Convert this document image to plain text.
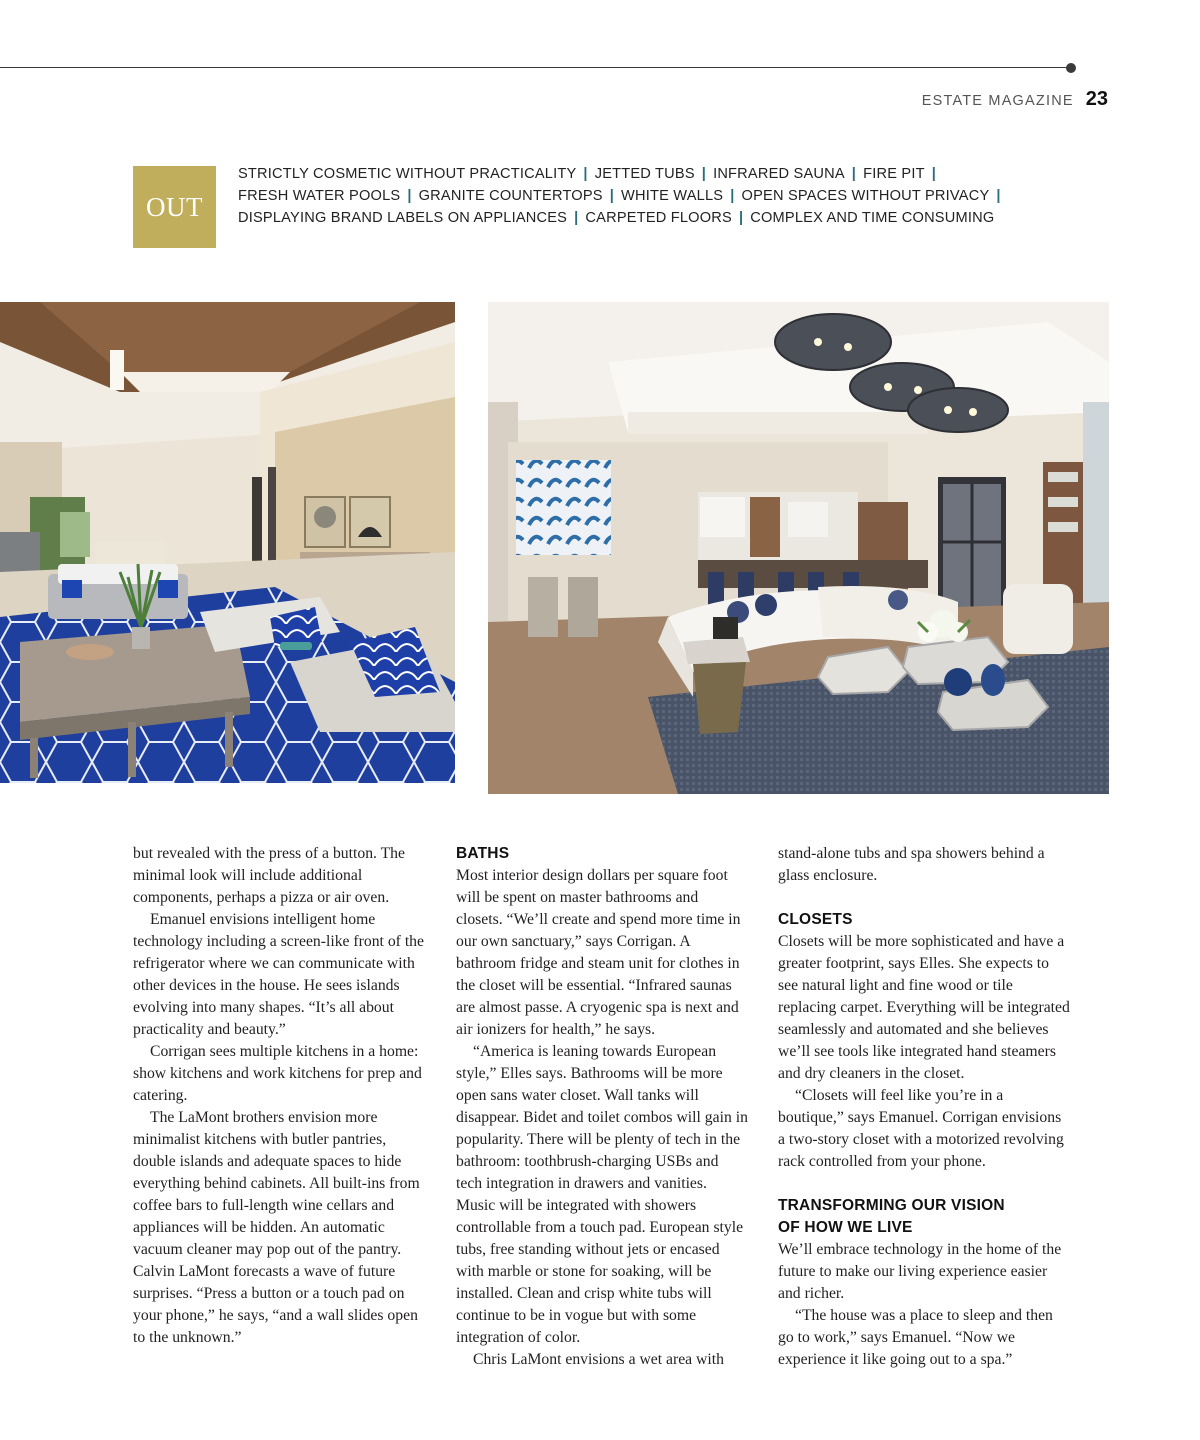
ESTATE MAGAZINE 23
OUT
STRICTLY COSMETIC WITHOUT PRACTICALITY | JETTED TUBS | INFRARED SAUNA | FIRE PIT |
FRESH WATER POOLS | GRANITE COUNTERTOPS | WHITE WALLS | OPEN SPACES WITHOUT PRIVACY |
DISPLAYING BRAND LABELS ON APPLIANCES | CARPETED FLOORS | COMPLEX AND TIME CONSUMING

but revealed with the press of a button. The minimal look will include additional components, perhaps a pizza or air oven.

Emanuel envisions intelligent home technology including a screen-like front of the refrigerator where we can communicate with other devices in the house. He sees islands evolving into many shapes. “It’s all about practicality and beauty.”

Corrigan sees multiple kitchens in a home: show kitchens and work kitchens for prep and catering.

The LaMont brothers envision more minimalist kitchens with butler pantries, double islands and adequate spaces to hide everything behind cabinets. All built-ins from coffee bars to full-length wine cellars and appliances will be hidden. An automatic vacuum cleaner may pop out of the pantry. Calvin LaMont forecasts a wave of future surprises. “Press a button or a touch pad on your phone,” he says, “and a wall slides open to the unknown.”

BATHS

Most interior design dollars per square foot will be spent on master bathrooms and closets. “We’ll create and spend more time in our own sanctuary,” says Corrigan. A bathroom fridge and steam unit for clothes in the closet will be essential. “Infrared saunas are almost passe. A cryogenic spa is next and air ionizers for health,” he says.

“America is leaning towards European style,” Elles says. Bathrooms will be more open sans water closet. Wall tanks will disappear. Bidet and toilet combos will gain in popularity. There will be plenty of tech in the bathroom: toothbrush-charging USBs and tech integration in drawers and vanities. Music will be integrated with showers controllable from a touch pad. European style tubs, free standing without jets or encased with marble or stone for soaking, will be installed. Clean and crisp white tubs will continue to be in vogue but with some integration of color.

Chris LaMont envisions a wet area with

stand-alone tubs and spa showers behind a glass enclosure.

CLOSETS

Closets will be more sophisticated and have a greater footprint, says Elles. She expects to see natural light and fine wood or tile replacing carpet. Everything will be integrated seamlessly and automated and she believes we’ll see tools like integrated hand steamers and dry cleaners in the closet.

“Closets will feel like you’re in a boutique,” says Emanuel. Corrigan envisions a two-story closet with a motorized revolving rack controlled from your phone.

TRANSFORMING OUR VISION
OF HOW WE LIVE

We’ll embrace technology in the home of the future to make our living experience easier and richer.

“The house was a place to sleep and then go to work,” says Emanuel. “Now we experience it like going out to a spa.”
